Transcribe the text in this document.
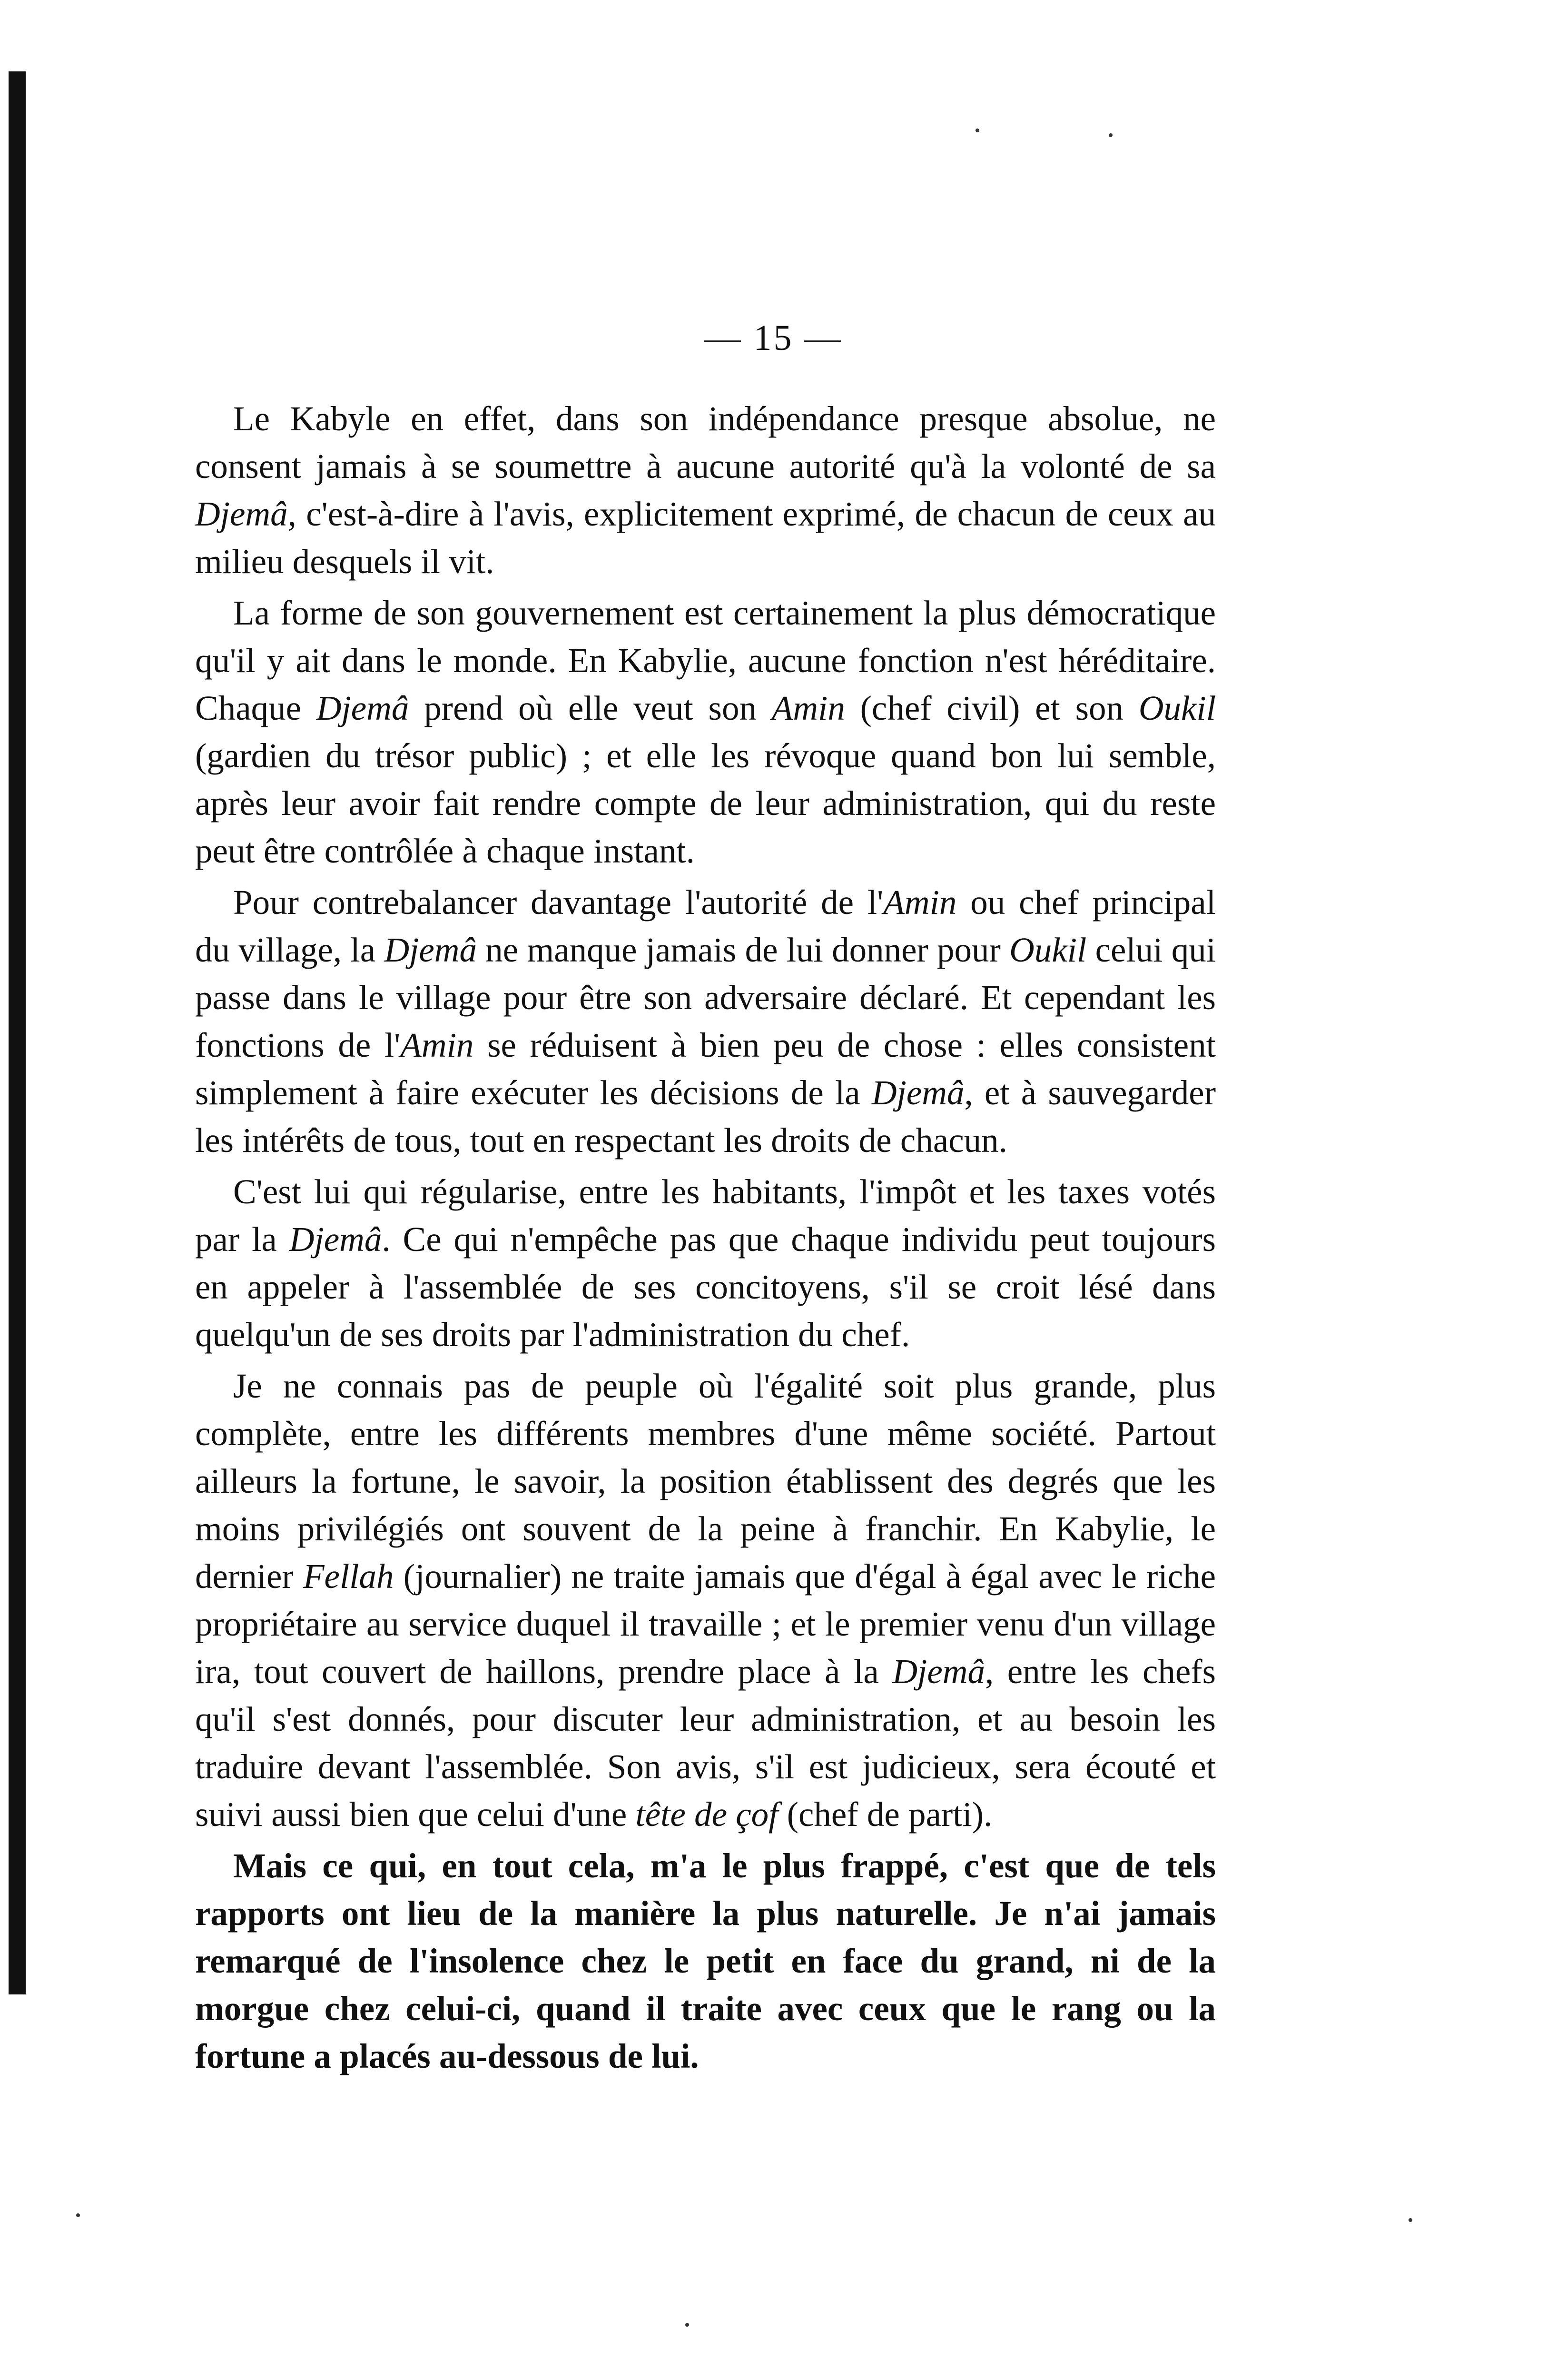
— 15 —

Le Kabyle en effet, dans son indépendance presque absolue, ne consent jamais à se soumettre à aucune autorité qu'à la volonté de sa Djemâ, c'est-à-dire à l'avis, explicitement exprimé, de chacun de ceux au milieu desquels il vit.

La forme de son gouvernement est certainement la plus démocratique qu'il y ait dans le monde. En Kabylie, aucune fonction n'est héréditaire. Chaque Djemâ prend où elle veut son Amin (chef civil) et son Oukil (gardien du trésor public) ; et elle les révoque quand bon lui semble, après leur avoir fait rendre compte de leur administration, qui du reste peut être contrôlée à chaque instant.

Pour contrebalancer davantage l'autorité de l'Amin ou chef principal du village, la Djemâ ne manque jamais de lui donner pour Oukil celui qui passe dans le village pour être son adversaire déclaré. Et cependant les fonctions de l'Amin se réduisent à bien peu de chose : elles consistent simplement à faire exécuter les décisions de la Djemâ, et à sauvegarder les intérêts de tous, tout en respectant les droits de chacun.

C'est lui qui régularise, entre les habitants, l'impôt et les taxes votés par la Djemâ. Ce qui n'empêche pas que chaque individu peut toujours en appeler à l'assemblée de ses concitoyens, s'il se croit lésé dans quelqu'un de ses droits par l'administration du chef.

Je ne connais pas de peuple où l'égalité soit plus grande, plus complète, entre les différents membres d'une même société. Partout ailleurs la fortune, le savoir, la position établissent des degrés que les moins privilégiés ont souvent de la peine à franchir. En Kabylie, le dernier Fellah (journalier) ne traite jamais que d'égal à égal avec le riche propriétaire au service duquel il travaille ; et le premier venu d'un village ira, tout couvert de haillons, prendre place à la Djemâ, entre les chefs qu'il s'est donnés, pour discuter leur administration, et au besoin les traduire devant l'assemblée. Son avis, s'il est judicieux, sera écouté et suivi aussi bien que celui d'une tête de çof (chef de parti).

Mais ce qui, en tout cela, m'a le plus frappé, c'est que de tels rapports ont lieu de la manière la plus naturelle. Je n'ai jamais remarqué de l'insolence chez le petit en face du grand, ni de la morgue chez celui-ci, quand il traite avec ceux que le rang ou la fortune a placés au-dessous de lui.
